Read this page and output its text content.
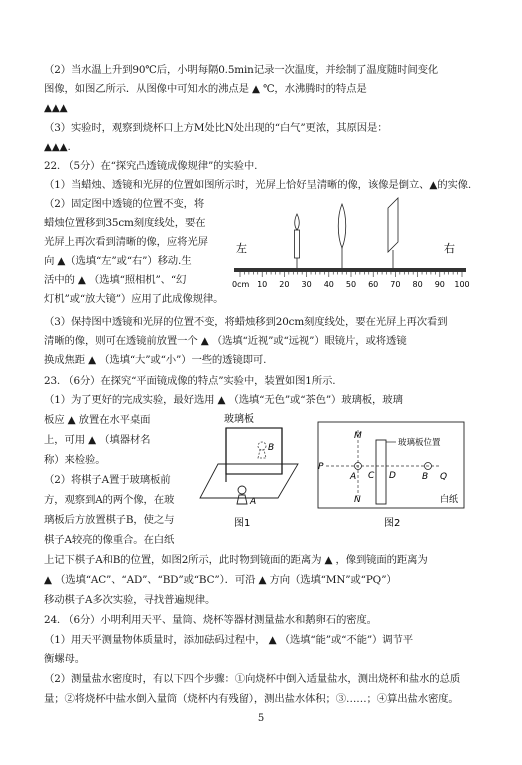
（2）当水温上升到90℃后，小明每隔0.5min记录一次温度，并绘制了温度随时间变化
图像，如图乙所示．从图像中可知水的沸点是 ▲ ℃，水沸腾时的特点是
▲▲▲
（3）实验时，观察到烧杯口上方M处比N处出现的“白气”更浓，其原因是：
▲▲▲.
22. （5分）在“探究凸透镜成像规律”的实验中.
（1）当蜡烛、透镜和光屏的位置如图所示时，光屏上恰好呈清晰的像，该像是倒立、▲的实像.
（2）固定图中透镜的位置不变，将
蜡烛位置移到35cm刻度线处，要在
光屏上再次看到清晰的像，应将光屏
向 ▲（选填“左”或“右”）移动.生
活中的 ▲ （选填“照相机”、“幻
灯机”或“放大镜”）应用了此成像规律。
左	右
0cm 10 20 30 40 50 60 70 80 90 100
（3）保持图中透镜和光屏的位置不变，将蜡烛移到20cm刻度线处，要在光屏上再次看到
清晰的像，则可在透镜前放置一个 ▲ （选填“近视”或“远视”）眼镜片，或将透镜
换成焦距 ▲ （选填“大”或“小”）一些的透镜即可.
23. （6分）在探究“平面镜成像的特点”实验中，装置如图1所示.
（1）为了更好的完成实验，最好选用 ▲ （选填“无色”或“茶色”）玻璃板，玻璃
板应 ▲ 放置在水平桌面
上，可用 ▲ （填器材名
称）来检验。
（2）将棋子A置于玻璃板前
方，观察到A的两个像，在玻
璃板后方放置棋子B，使之与
棋子A较亮的像重合。在白纸
玻璃板
B
A
图1
白纸
玻璃板位置
M
N
P
A C D	B Q
图2
上记下棋子A和B的位置，如图2所示，此时物到镜面的距离为 ▲ ，像到镜面的距离为
▲ （选填“AC”、“AD”、“BD”或“BC”）．可沿 ▲ 方向（选填“MN”或“PQ”）
移动棋子A多次实验，寻找普遍规律。
24. （6分）小明利用天平、量筒、烧杯等器材测量盐水和鹅卵石的密度。
（1）用天平测量物体质量时，添加砝码过程中， ▲ （选填“能”或“不能”）调节平
衡螺母。
（2）测量盐水密度时，有以下四个步骤：①向烧杯中倒入适量盐水，测出烧杯和盐水的总质
量；②将烧杯中盐水倒入量筒（烧杯内有残留），测出盐水体积；③……；④算出盐水密度。
5
